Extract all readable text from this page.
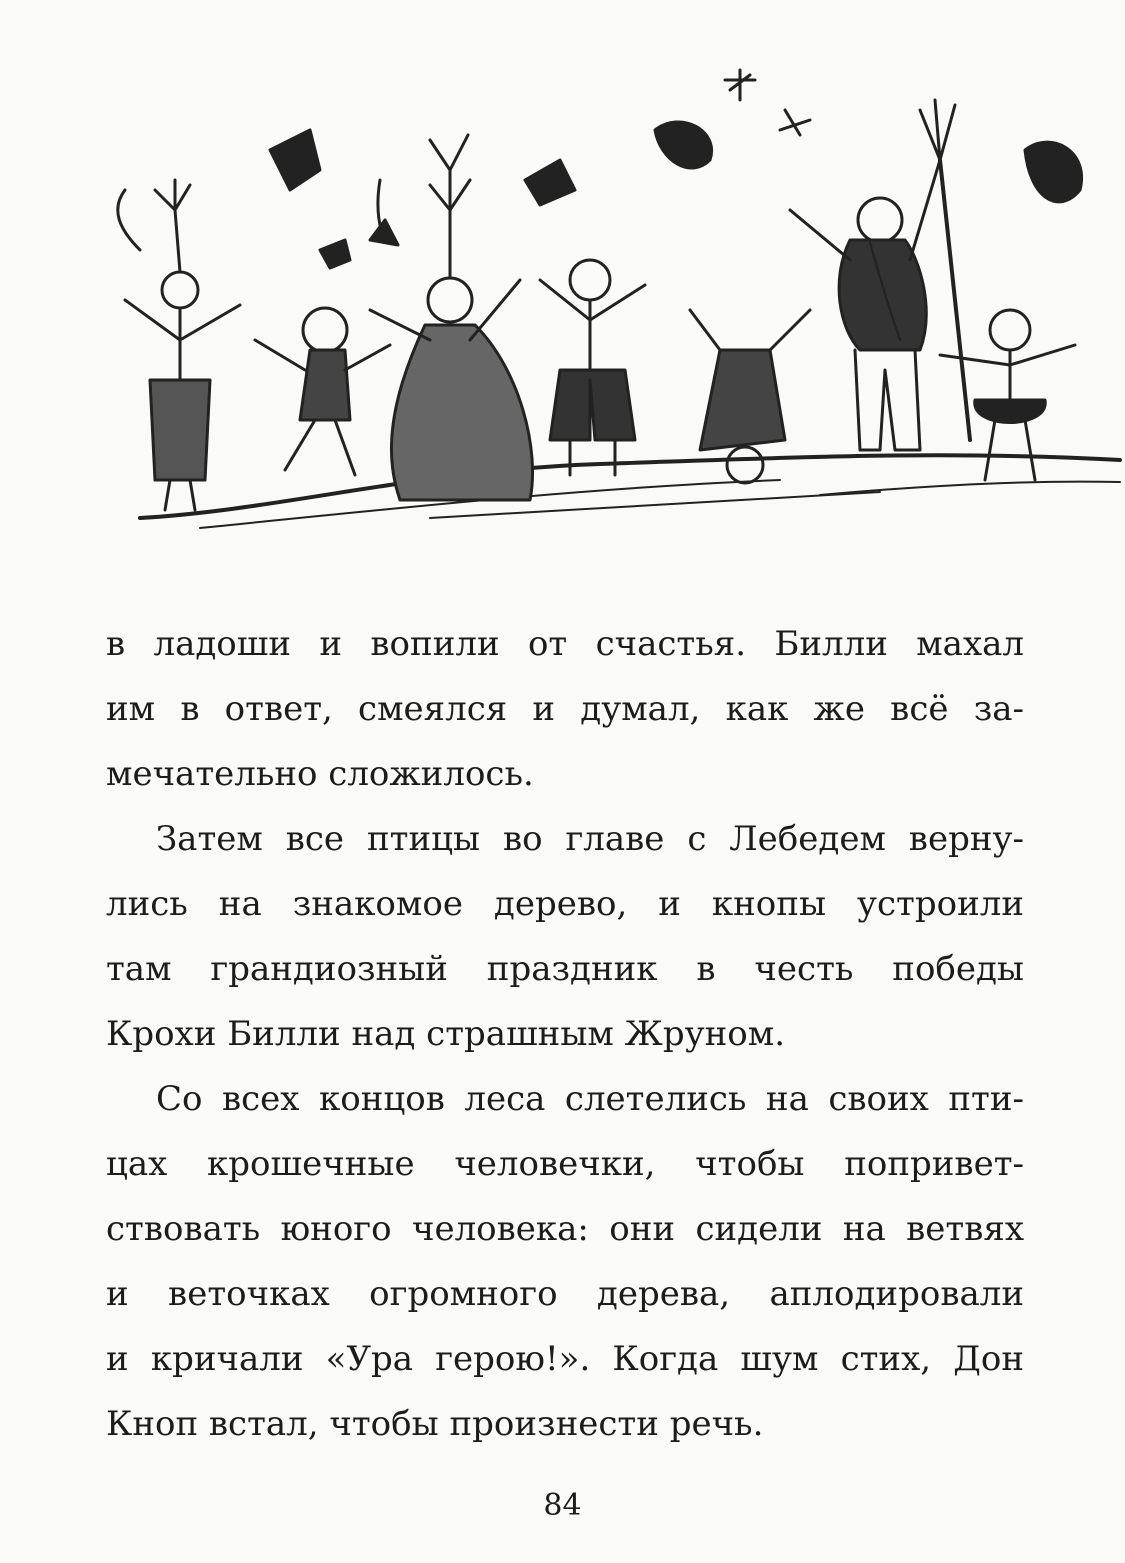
в ладоши и вопили от счастья. Билли махал
им в ответ, смеялся и думал, как же всё за-
мечательно сложилось.
Затем все птицы во главе с Лебедем верну-
лись на знакомое дерево, и кнопы устроили
там грандиозный праздник в честь победы
Крохи Билли над страшным Жруном.
Со всех концов леса слетелись на своих пти-
цах крошечные человечки, чтобы попривет-
ствовать юного человека: они сидели на ветвях
и веточках огромного дерева, аплодировали
и кричали «Ура герою!». Когда шум стих, Дон
Кноп встал, чтобы произнести речь.
84
